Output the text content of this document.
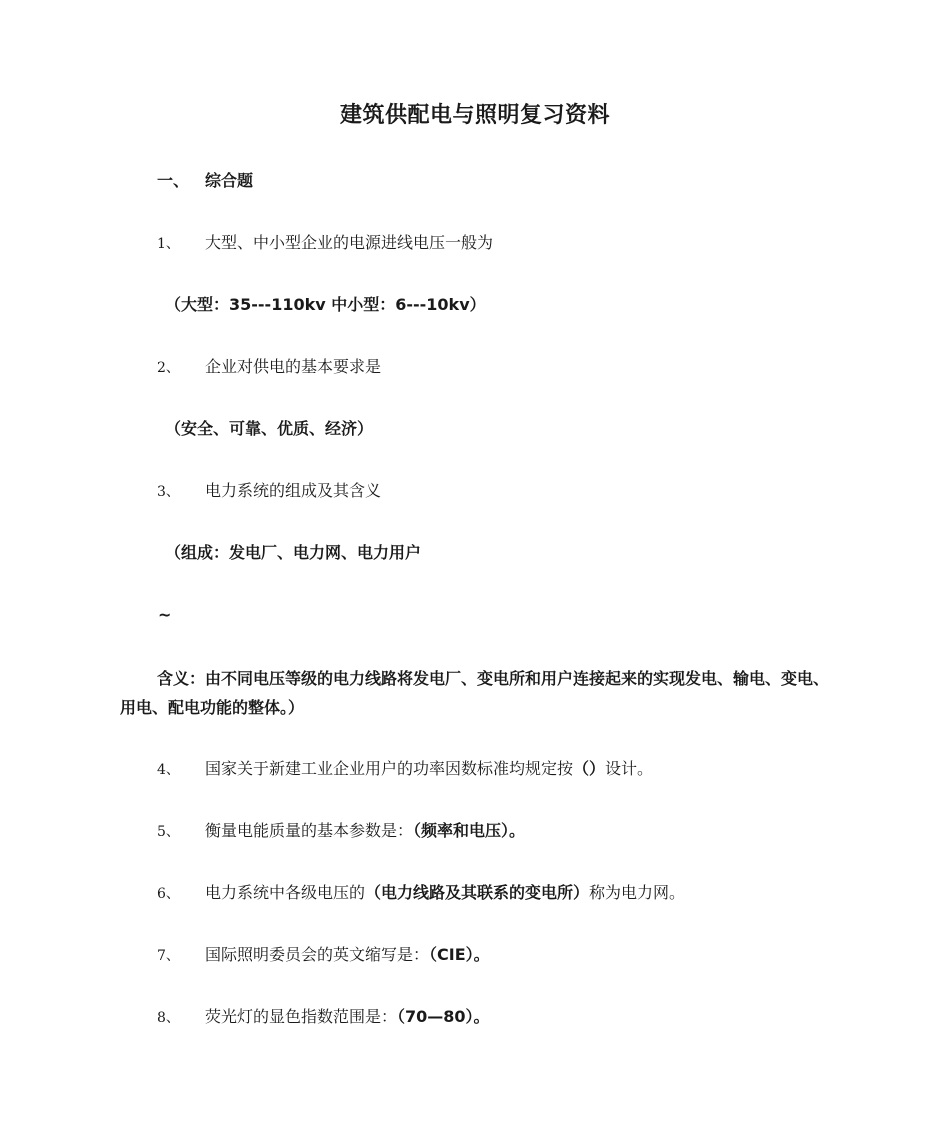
建筑供配电与照明复习资料
一、 综合题
1、 大型、中小型企业的电源进线电压一般为
（大型：35---110kv 中小型：6---10kv）
2、 企业对供电的基本要求是
（安全、可靠、优质、经济）
3、 电力系统的组成及其含义
（组成：发电厂、电力网、电力用户
~
含义：由不同电压等级的电力线路将发电厂、变电所和用户连接起来的实现发电、输电、变电、用电、配电功能的整体。）
4、 国家关于新建工业企业用户的功率因数标准均规定按（）设计。
5、 衡量电能质量的基本参数是：（频率和电压）。
6、 电力系统中各级电压的（电力线路及其联系的变电所）称为电力网。
7、 国际照明委员会的英文缩写是：（CIE）。
8、 荧光灯的显色指数范围是：（70—80）。
